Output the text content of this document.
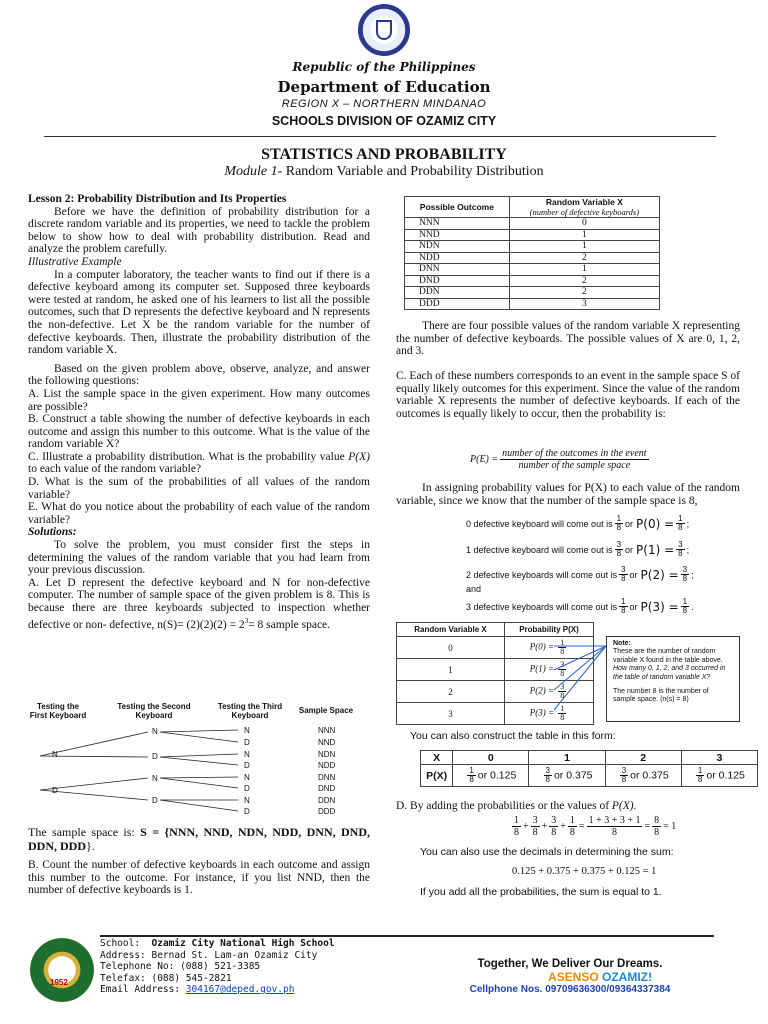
Republic of the Philippines
Department of Education
REGION X – NORTHERN MINDANAO
SCHOOLS DIVISION OF OZAMIZ CITY
STATISTICS AND PROBABILITY
Module 1- Random Variable and Probability Distribution

Lesson 2: Probability Distribution and Its Properties

Before we have the definition of probability distribution for a discrete random variable and its properties, we need to tackle the problem below to show how to deal with probability distribution. Read and analyze the problem carefully.

Illustrative Example

In a computer laboratory, the teacher wants to find out if there is a defective keyboard among its computer set. Supposed three keyboards were tested at random, he asked one of his learners to list all the possible outcomes, such that D represents the defective keyboard and N represents the non-defective. Let X be the random variable for the number of defective keyboards. Then, illustrate the probability distribution of the random variable X.

Based on the given problem above, observe, analyze, and answer the following questions:

A. List the sample space in the given experiment. How many outcomes are possible?

B. Construct a table showing the number of defective keyboards in each outcome and assign this number to this outcome. What is the value of the random variable X?

C. Illustrate a probability distribution. What is the probability value P(X) to each value of the random variable?

D. What is the sum of the probabilities of all values of the random variable?

E. What do you notice about the probability of each value of the random variable?

Solutions:

To solve the problem, you must consider first the steps in determining the values of the random variable that you had learn from your previous discussion.

A. Let D represent the defective keyboard and N for non-defective computer. The number of sample space of the given problem is 8. This is because there are three keyboards subjected to inspection whether defective or non- defective, $n(S)= (2)(2)(2) = 2^3= 8$ sample space.

Testing the First Keyboard
Testing the Second Keyboard
Testing the Third Keyboard
Sample Space
N
D
N
D
N
D
N
D
N
D
N
D
N
D
NNN
NND
NDN
NDD
DNN
DND
DDN
DDD

The sample space is: S = {NNN, NND, NDN, NDD, DNN, DND, DDN, DDD}.

B. Count the number of defective keyboards in each outcome and assign this number to the outcome. For instance, if you list NND, then the number of defective keyboards is 1.

Possible Outcome	Random Variable X
(number of defective keyboards)

NNN	0
NND	1
NDN	1
NDD	2
DNN	1
DND	2
DDN	2
DDD	3

There are four possible values of the random variable X representing the number of defective keyboards. The possible values of X are 0, 1, 2, and 3.

C. Each of these numbers corresponds to an event in the sample space S of equally likely outcomes for this experiment. Since the value of the random variable X represents the number of defective keyboards. If each of the outcomes is equally likely to occur, then the probability is:

$P(E) = \frac{\text{number of the outcomes in the event}}{\text{number of the sample space}}$

In assigning probability values for P(X) to each value of the random variable, since we know that the number of the sample space is 8,

0 defective keyboard will come out is $\frac{1}{8}$ or $P(0) = \frac{1}{8}$ ;
1 defective keyboard will come out is $\frac{3}{8}$ or $P(1) = \frac{3}{8}$ ;
2 defective keyboards will come out is $\frac{3}{8}$ or $P(2) = \frac{3}{8}$ ;
and
3 defective keyboards will come out is $\frac{1}{8}$ or $P(3) = \frac{1}{8}$ .
Random Variable X	Probability P(X)
0	$P(0) = \frac{1}{8}$

1	$P(1) = \frac{3}{8}$

2	$P(2) = \frac{3}{8}$

3	$P(3) = \frac{1}{8}$
Note:
These are the number of random variable X found in the table above.
How many 0, 1, 2, and 3 occurred in the table of random variable X?
The number 8 is the number of sample space. (n(s) = 8)
You can also construct the table in this form:
X	0	1	2	3
P(X)	$\frac{1}{8}$ or 0.125	$\frac{3}{8}$ or 0.375	$\frac{3}{8}$ or 0.375	$\frac{1}{8}$ or 0.125

D. By adding the probabilities or the values of P(X).

$\frac{1}{8} + \frac{3}{8} + \frac{3}{8} + \frac{1}{8} = \frac{1 + 3 + 3 + 1}{8} = \frac{8}{8} = 1$
You can also use the decimals in determining the sum:
0.125 + 0.375 + 0.375 + 0.125 = 1
If you add all the probabilities, the sum is equal to 1.
1952
School: Ozamiz City National High School
Address: Bernad St. Lam-an Ozamiz City
Telephone No: (088) 521-3385
Telefax: (088) 545-2821
Email Address: 304167@deped.gov.ph
Together, We Deliver Our Dreams.
ASENSO OZAMIZ!
Cellphone Nos. 09709636300/09364337384
